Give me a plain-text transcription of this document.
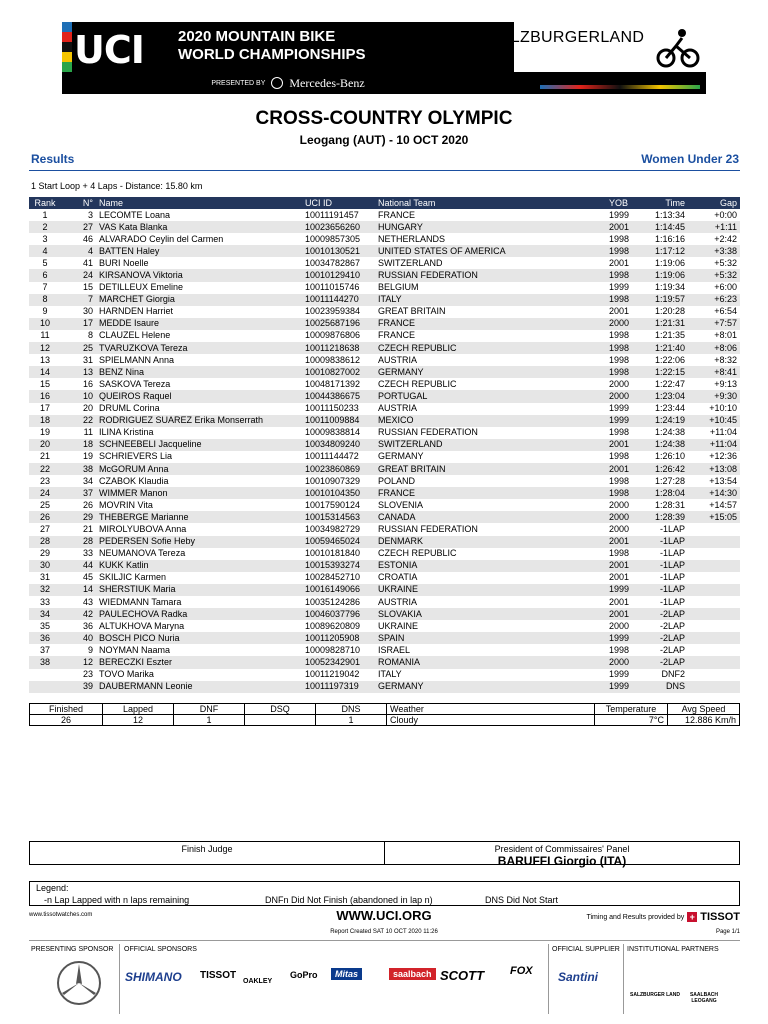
UCI 2020 MOUNTAIN BIKE
WORLD CHAMPIONSHIPS
PRESENTED BY Mercedes-Benz
LEOGANG-SALZBURGERLAND
AUSTRIA
CROSS-COUNTRY OLYMPIC
Leogang (AUT) - 10 OCT 2020
Results	Women Under 23
1 Start Loop + 4 Laps - Distance: 15.80 km
Rank	N°	Name	UCI ID	National Team	YOB	Time	Gap
1	3	LECOMTE Loana	10011191457	FRANCE	1999	1:13:34	+0:00
2	27	VAS Kata Blanka	10023656260	HUNGARY	2001	1:14:45	+1:11
3	46	ALVARADO Ceylin del Carmen	10009857305	NETHERLANDS	1998	1:16:16	+2:42
4	4	BATTEN Haley	10010130521	UNITED STATES OF AMERICA	1998	1:17:12	+3:38
5	41	BURI Noelle	10034782867	SWITZERLAND	2001	1:19:06	+5:32
6	24	KIRSANOVA Viktoria	10010129410	RUSSIAN FEDERATION	1998	1:19:06	+5:32
7	15	DETILLEUX Emeline	10011015746	BELGIUM	1999	1:19:34	+6:00
8	7	MARCHET Giorgia	10011144270	ITALY	1998	1:19:57	+6:23
9	30	HARNDEN Harriet	10023959384	GREAT BRITAIN	2001	1:20:28	+6:54
10	17	MEDDE Isaure	10025687196	FRANCE	2000	1:21:31	+7:57
11	8	CLAUZEL Helene	10009876806	FRANCE	1998	1:21:35	+8:01
12	25	TVARUZKOVA Tereza	10011218638	CZECH REPUBLIC	1998	1:21:40	+8:06
13	31	SPIELMANN Anna	10009838612	AUSTRIA	1998	1:22:06	+8:32
14	13	BENZ Nina	10010827002	GERMANY	1998	1:22:15	+8:41
15	16	SASKOVA Tereza	10048171392	CZECH REPUBLIC	2000	1:22:47	+9:13
16	10	QUEIROS Raquel	10044386675	PORTUGAL	2000	1:23:04	+9:30
17	20	DRUML Corina	10011150233	AUSTRIA	1999	1:23:44	+10:10
18	22	RODRIGUEZ SUAREZ Erika Monserrath	10011009884	MEXICO	1999	1:24:19	+10:45
19	11	ILINA Kristina	10009838814	RUSSIAN FEDERATION	1998	1:24:38	+11:04
20	18	SCHNEEBELI Jacqueline	10034809240	SWITZERLAND	2001	1:24:38	+11:04
21	19	SCHRIEVERS Lia	10011144472	GERMANY	1998	1:26:10	+12:36
22	38	McGORUM Anna	10023860869	GREAT BRITAIN	2001	1:26:42	+13:08
23	34	CZABOK Klaudia	10010907329	POLAND	1998	1:27:28	+13:54
24	37	WIMMER Manon	10010104350	FRANCE	1998	1:28:04	+14:30
25	26	MOVRIN Vita	10017590124	SLOVENIA	2000	1:28:31	+14:57
26	29	THEBERGE Marianne	10015314563	CANADA	2000	1:28:39	+15:05
27	21	MIROLYUBOVA Anna	10034982729	RUSSIAN FEDERATION	2000	-1LAP	
28	28	PEDERSEN Sofie Heby	10059465024	DENMARK	2001	-1LAP	
29	33	NEUMANOVA Tereza	10010181840	CZECH REPUBLIC	1998	-1LAP	
30	44	KUKK Katlin	10015393274	ESTONIA	2001	-1LAP	
31	45	SKILJIC Karmen	10028452710	CROATIA	2001	-1LAP	
32	14	SHERSTIUK Maria	10016149066	UKRAINE	1999	-1LAP	
33	43	WIEDMANN Tamara	10035124286	AUSTRIA	2001	-1LAP	
34	42	PAULECHOVA Radka	10046037796	SLOVAKIA	2001	-2LAP	
35	36	ALTUKHOVA Maryna	10089620809	UKRAINE	2000	-2LAP	
36	40	BOSCH PICO Nuria	10011205908	SPAIN	1999	-2LAP	
37	9	NOYMAN Naama	10009828710	ISRAEL	1998	-2LAP	
38	12	BERECZKI Eszter	10052342901	ROMANIA	2000	-2LAP	
	23	TOVO Marika	10011219042	ITALY	1999	DNF2	
	39	DAUBERMANN Leonie	10011197319	GERMANY	1999	DNS	
Finished	Lapped	DNF	DSQ	DNS	Weather	Temperature	Avg Speed
26	12	1		1	Cloudy	7°C	12.886 Km/h
Finish Judge	President of Commissaires' Panel
BARUFFI Giorgio (ITA)
Legend:
-n Lap Lapped with n laps remaining	DNFn Did Not Finish (abandoned in lap n)	DNS Did Not Start
www.tissotwatches.com	WWW.UCI.ORG	Timing and Results provided by + TISSOT
Report Created SAT 10 OCT 2020 11:26	Page 1/1
PRESENTING SPONSOR OFFICIAL SPONSORS	OFFICIAL SUPPLIER INSTITUTIONAL PARTNERS
SHIMANO TISSOT
OAKLEY
GoPro	Mitas	saalbach SCOTT FOX Santini
SALZBURGER LAND	SAALBACH LEOGANG
